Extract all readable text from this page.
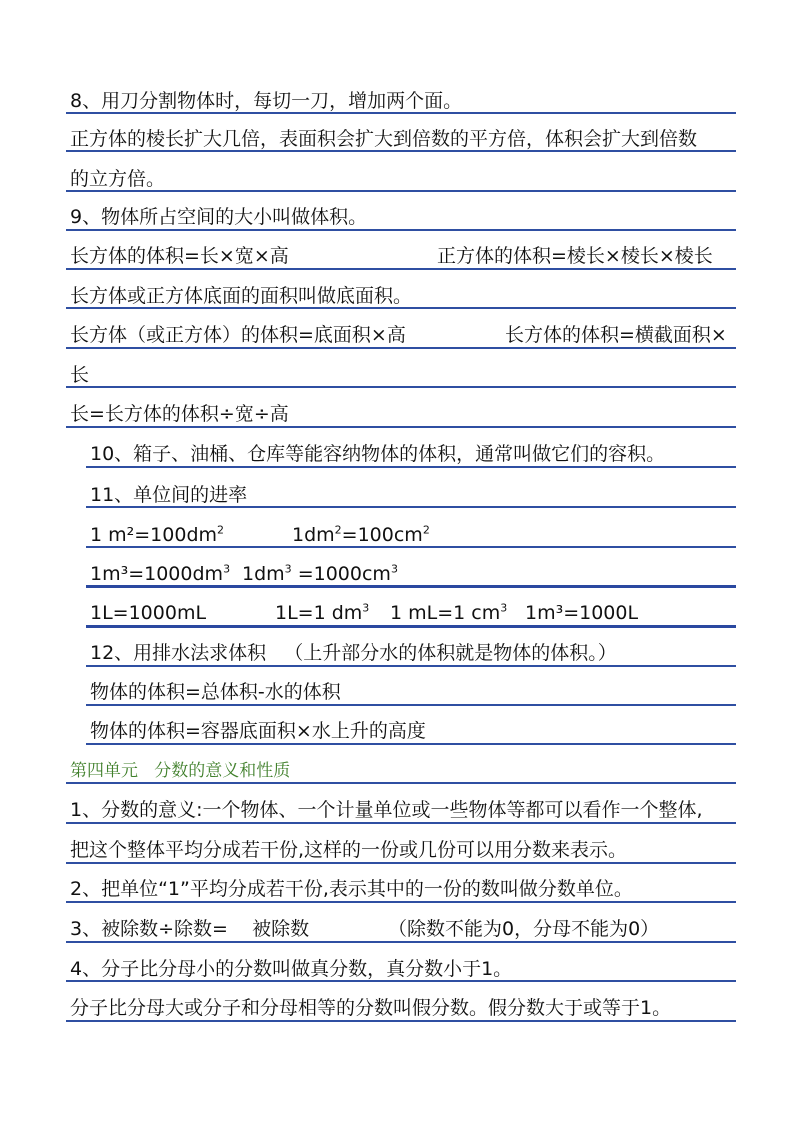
8、用刀分割物体时，每切一刀，增加两个面。
正方体的棱长扩大几倍，表面积会扩大到倍数的平方倍，体积会扩大到倍数
的立方倍。
9、物体所占空间的大小叫做体积。
长方体的体积=长×宽×高	正方体的体积=棱长×棱长×棱长
长方体或正方体底面的面积叫做底面积。
长方体（或正方体）的体积=底面积×高	长方体的体积=横截面积×
长
长=长方体的体积÷宽÷高
10、箱子、油桶、仓库等能容纳物体的体积，通常叫做它们的容积。
11、单位间的进率
1 $m^2=100dm^2$	$1dm^2=100cm^2$
$1m^3=1000dm^3$ $1dm^3 =1000cm^3$
1L=1000mL	1L=1 $dm^3$ 1 mL=1 $cm^3$ 1m³=1000L
12、用排水法求体积   （上升部分水的体积就是物体的体积。）
物体的体积=总体积-水的体积
物体的体积=容器底面积×水上升的高度
第四单元   分数的意义和性质
1、分数的意义:一个物体、一个计量单位或一些物体等都可以看作一个整体,
把这个整体平均分成若干份,这样的一份或几份可以用分数来表示。
2、把单位“1”平均分成若干份,表示其中的一份的数叫做分数单位。
3、被除数÷除数=    被除数	（除数不能为0，分母不能为0）
4、分子比分母小的分数叫做真分数，真分数小于1。
分子比分母大或分子和分母相等的分数叫假分数。假分数大于或等于1。
